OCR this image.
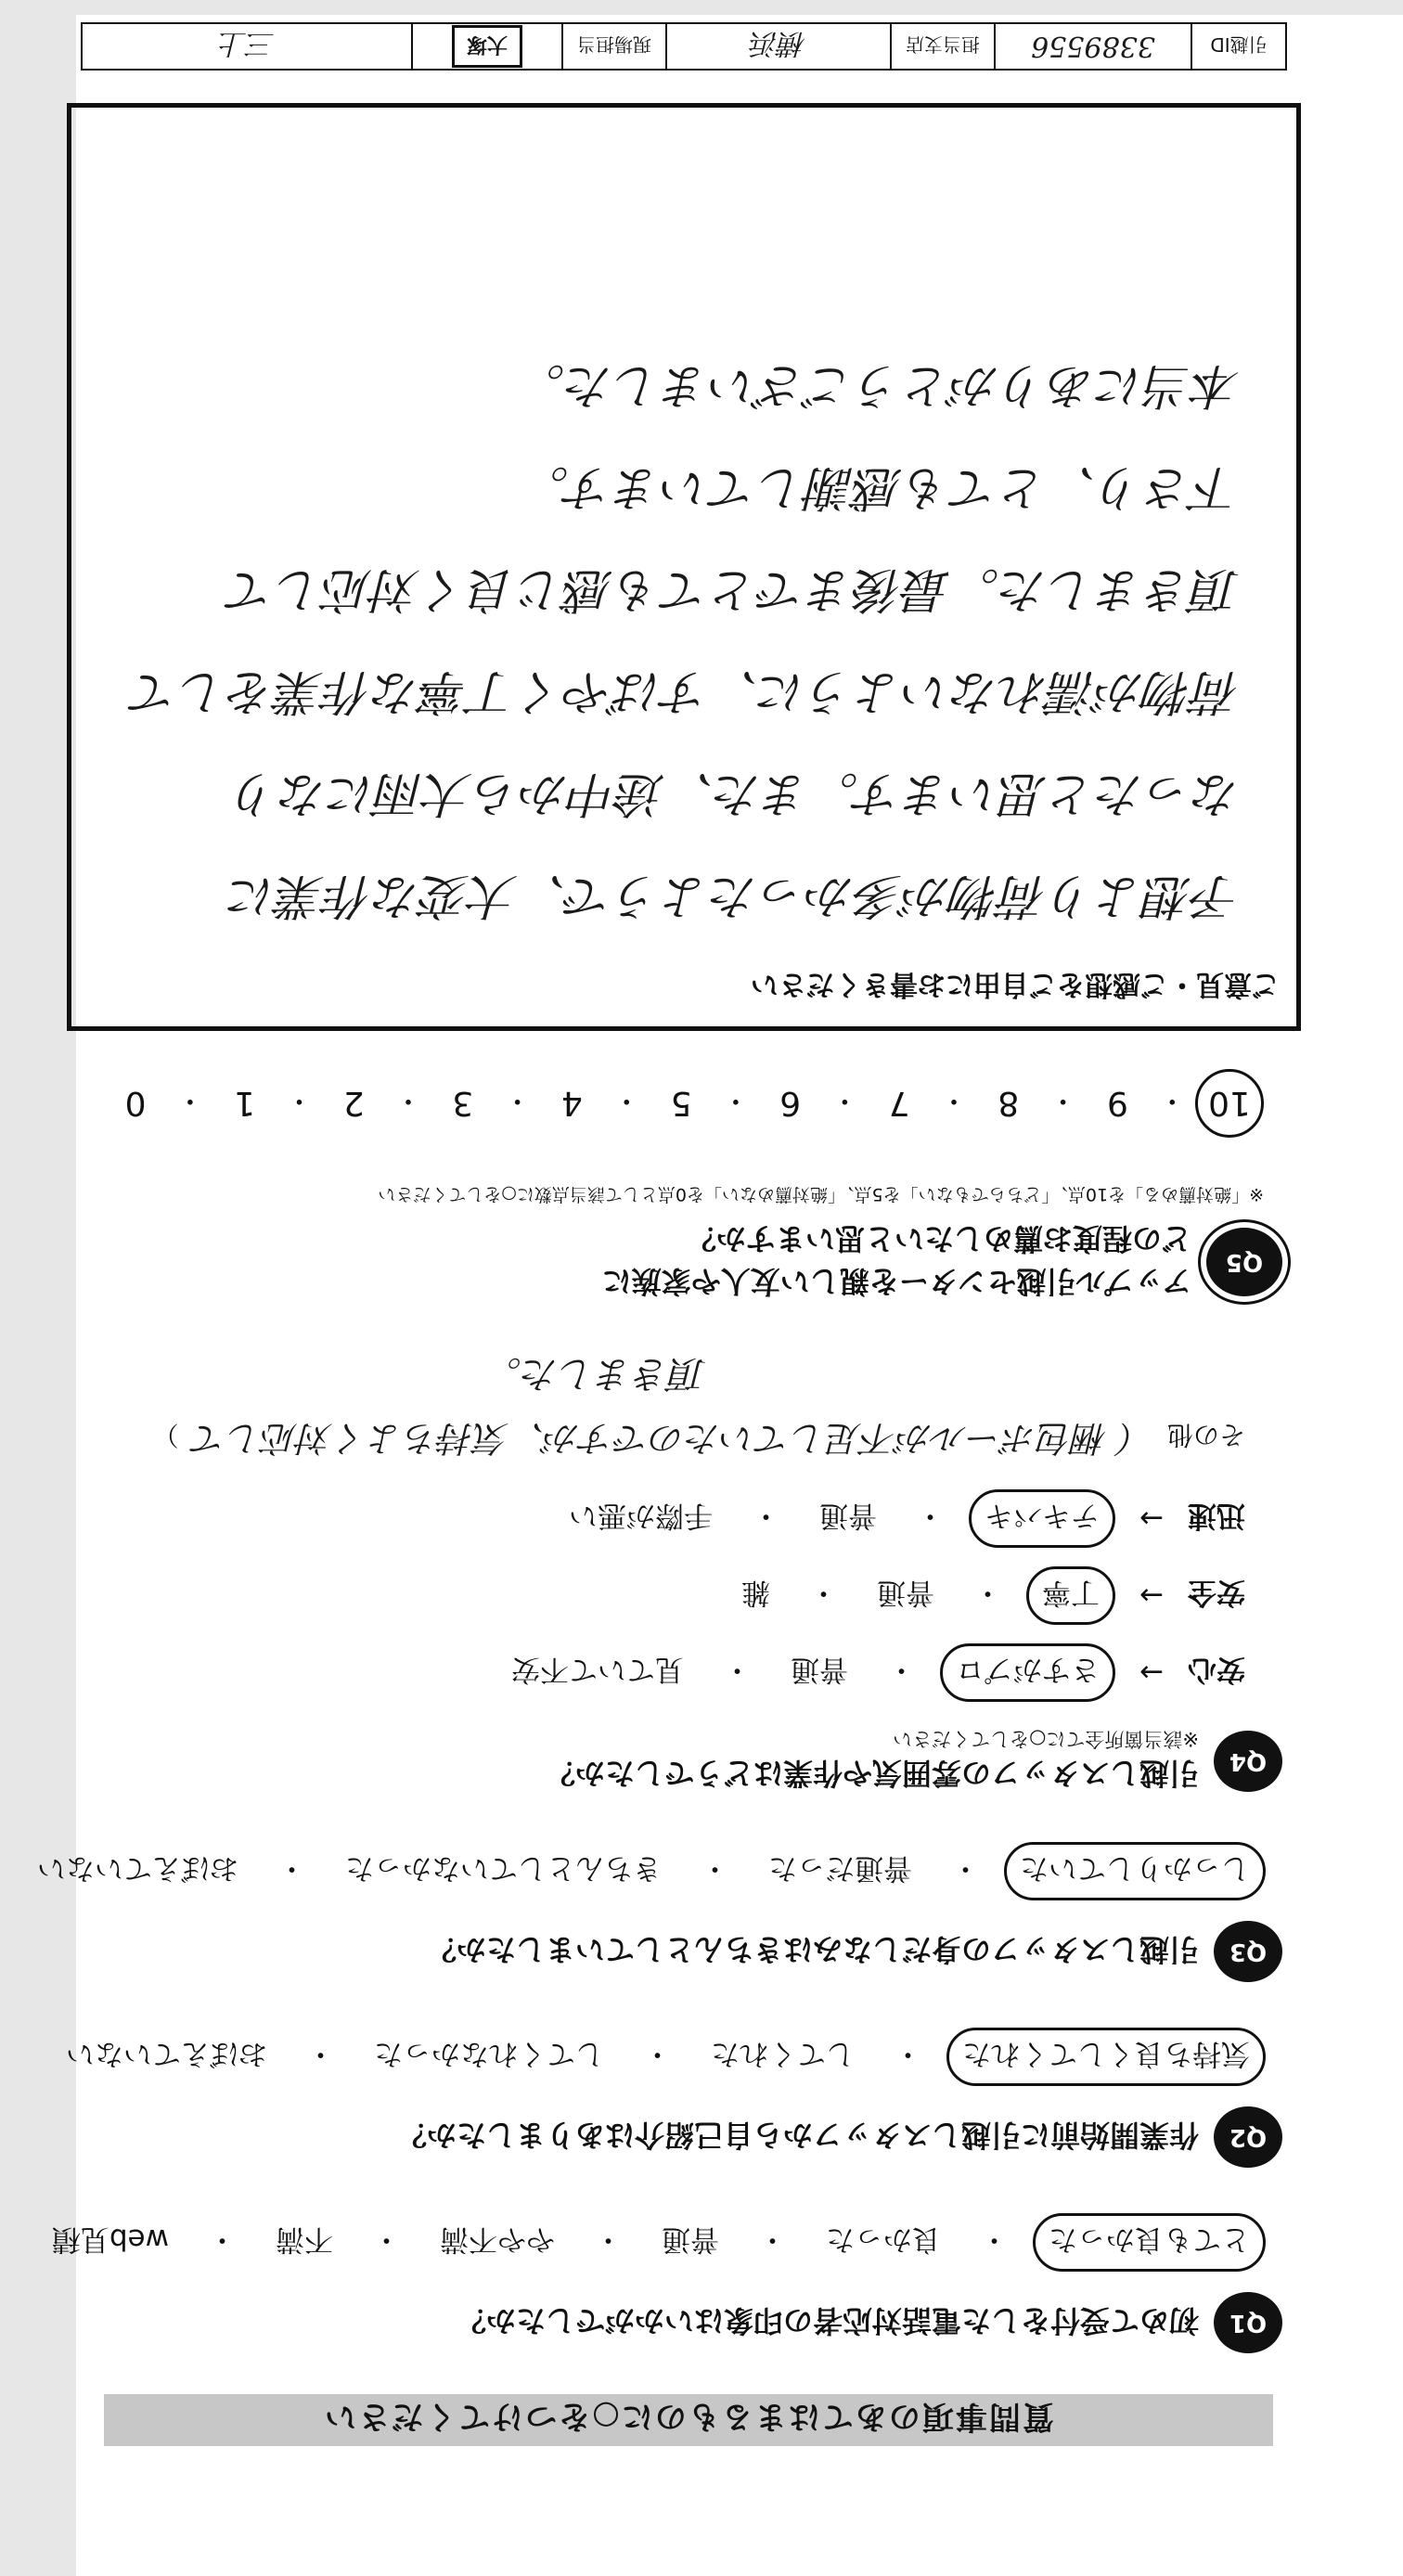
質問事項のあてはまるものに○をつけてください
Q1
初めて受付をした電話対応者の印象はいかがでしたか？
とても良かった
・
良かった
・
普通
・
やや不満
・
不満
・
web見積
Q2
作業開始前に引越しスタッフから自己紹介はありましたか？
気持ち良くしてくれた
・
してくれた
・
してくれなかった
・
おぼえていない
Q3
引越しスタッフの身だしなみはきちんとしていましたか？
しっかりしていた
・
普通だった
・
きちんとしていなかった
・
おぼえていない
Q4
引越しスタッフの雰囲気や作業はどうでしたか？
※該当箇所全てに○をしてください
安心
→
さすがプロ
・
普通
・
見ていて不安
安全
→
丁寧
・
普通
・
雑
迅速
→
テキパキ
・
普通
・
手際が悪い
その他
（ 梱包ボールが不足していたのですが、気持ちよく対応して
）
頂きました。
Q5
アップル引越センターを親しい友人や家族に
どの程度お薦めしたいと思いますか？
※「絶対薦める」を10点、「どちらでもない」を5点、「絶対薦めない」を0点として該当点数に○をしてください
10
・
9
・
8
・
7
・
6
・
5
・
4
・
3
・
2
・
1
・
0
ご意見・ご感想をご自由にお書きください
予想より荷物が多かったようで、大変な作業に
なったと思います。また、途中から大雨になり
荷物が濡れないように、すばやく丁寧な作業をして
頂きました。最後までとても感じ良く対応して
下さり、とても感謝しています。
本当にありがとうございました。
引越ID
3389556
担当支店
横浜
現場担当
大塚
三上
